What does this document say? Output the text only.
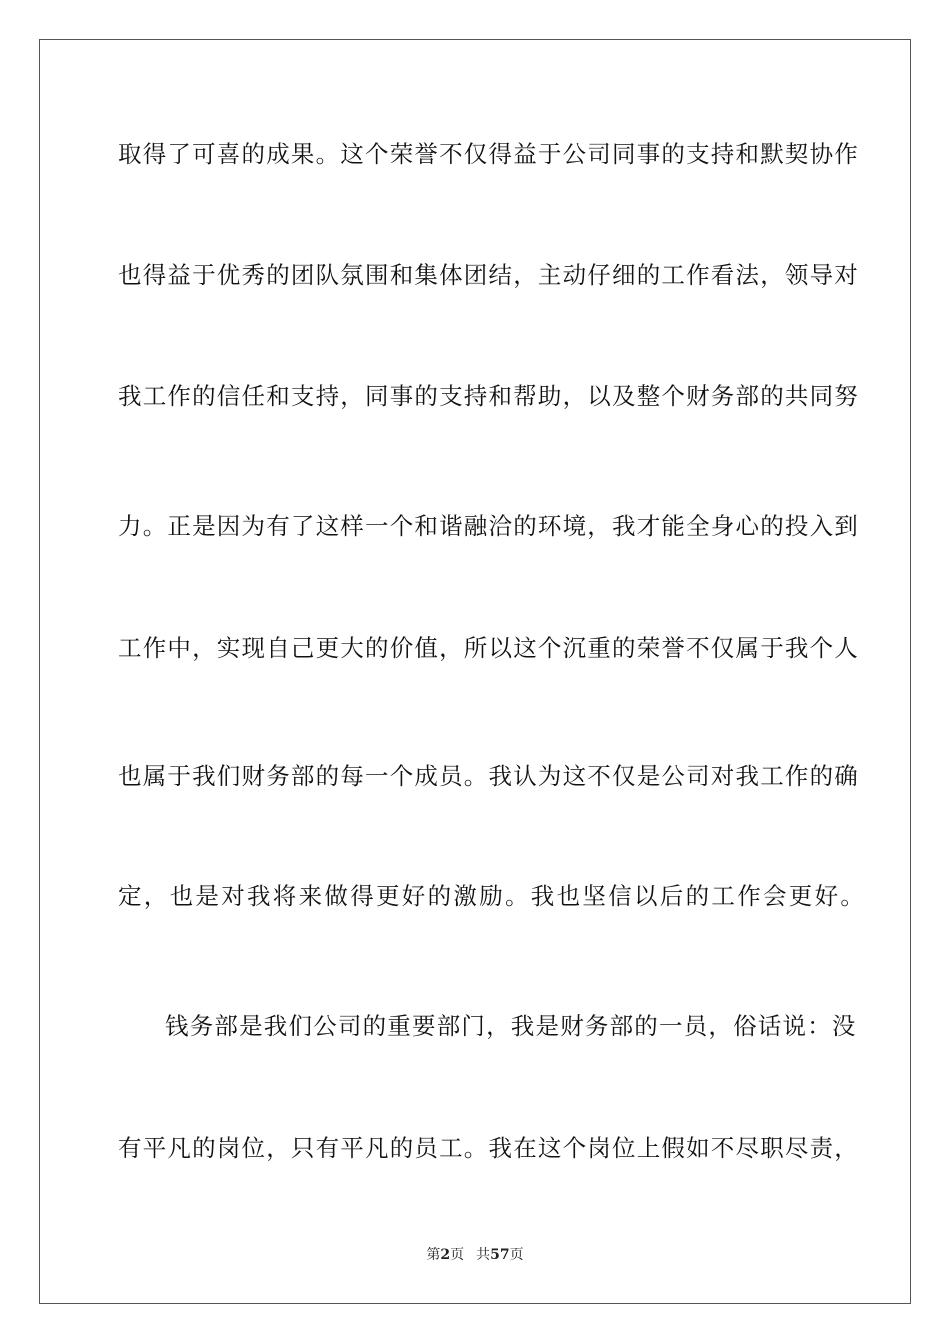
取得了可喜的成果。这个荣誉不仅得益于公司同事的支持和默契协作
也得益于优秀的团队氛围和集体团结，主动仔细的工作看法，领导对
我工作的信任和支持，同事的支持和帮助，以及整个财务部的共同努
力。正是因为有了这样一个和谐融洽的环境，我才能全身心的投入到
工作中，实现自己更大的价值，所以这个沉重的荣誉不仅属于我个人
也属于我们财务部的每一个成员。我认为这不仅是公司对我工作的确
定，也是对我将来做得更好的激励。我也坚信以后的工作会更好。
钱务部是我们公司的重要部门，我是财务部的一员，俗话说：没
有平凡的岗位，只有平凡的员工。我在这个岗位上假如不尽职尽责，
第2页 共57页
